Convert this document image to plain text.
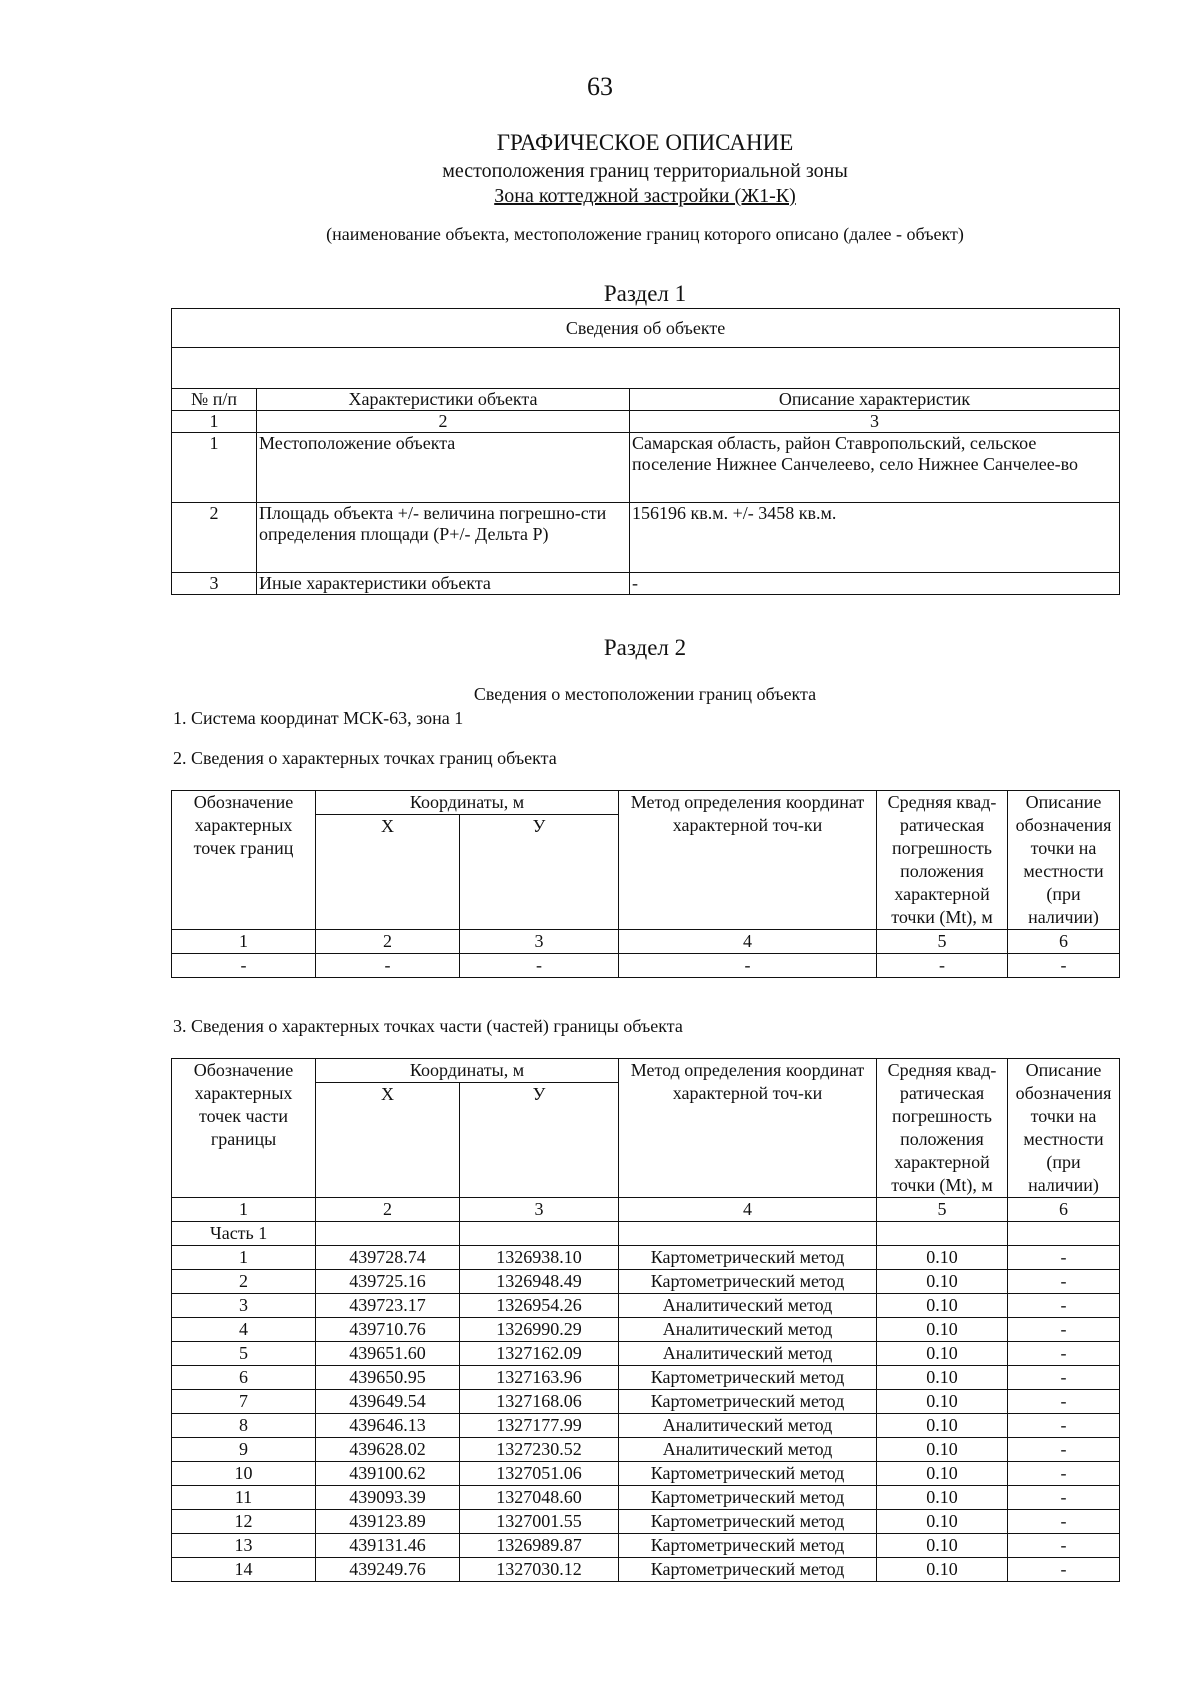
63
ГРАФИЧЕСКОЕ ОПИСАНИЕ
местоположения границ территориальной зоны
Зона коттеджной застройки (Ж1-К)
(наименование объекта, местоположение границ которого описано (далее - объект)
Раздел 1
Сведения об объекте		

№ п/п	Характеристики объекта	Описание характеристик
1	2	3
1	Местоположение объекта	Самарская область, район Ставропольский, сельское поселение Нижнее Санчелеево, село Нижнее Санчелее-во
2	Площадь объекта +/- величина погрешно-сти определения площади (Р+/- Дельта Р)	156196 кв.м. +/- 3458 кв.м.
3	Иные характеристики объекта	-
Раздел 2
Сведения о местоположении границ объекта
1. Система координат МСК-63, зона 1
2. Сведения о характерных точках границ объекта
Обозначение характерных точек границ	Координаты, м		Метод определения координат характерной точ-ки	Средняя квад-ратическая погрешность положения характерной точки (Mt), м	Описание обозначения точки на местности (при наличии)
	Х	У			
1	2	3	4	5	6
-	-	-	-	-	-
3. Сведения о характерных точках части (частей) границы объекта
Обозначение характерных точек части границы	Координаты, м		Метод определения координат характерной точ-ки	Средняя квад-ратическая погрешность положения характерной точки (Mt), м	Описание обозначения точки на местности (при наличии)
	Х	У			
1	2	3	4	5	6
Часть 1					
1	439728.74	1326938.10	Картометрический метод	0.10	-
2	439725.16	1326948.49	Картометрический метод	0.10	-
3	439723.17	1326954.26	Аналитический метод	0.10	-
4	439710.76	1326990.29	Аналитический метод	0.10	-
5	439651.60	1327162.09	Аналитический метод	0.10	-
6	439650.95	1327163.96	Картометрический метод	0.10	-
7	439649.54	1327168.06	Картометрический метод	0.10	-
8	439646.13	1327177.99	Аналитический метод	0.10	-
9	439628.02	1327230.52	Аналитический метод	0.10	-
10	439100.62	1327051.06	Картометрический метод	0.10	-
11	439093.39	1327048.60	Картометрический метод	0.10	-
12	439123.89	1327001.55	Картометрический метод	0.10	-
13	439131.46	1326989.87	Картометрический метод	0.10	-
14	439249.76	1327030.12	Картометрический метод	0.10	-
